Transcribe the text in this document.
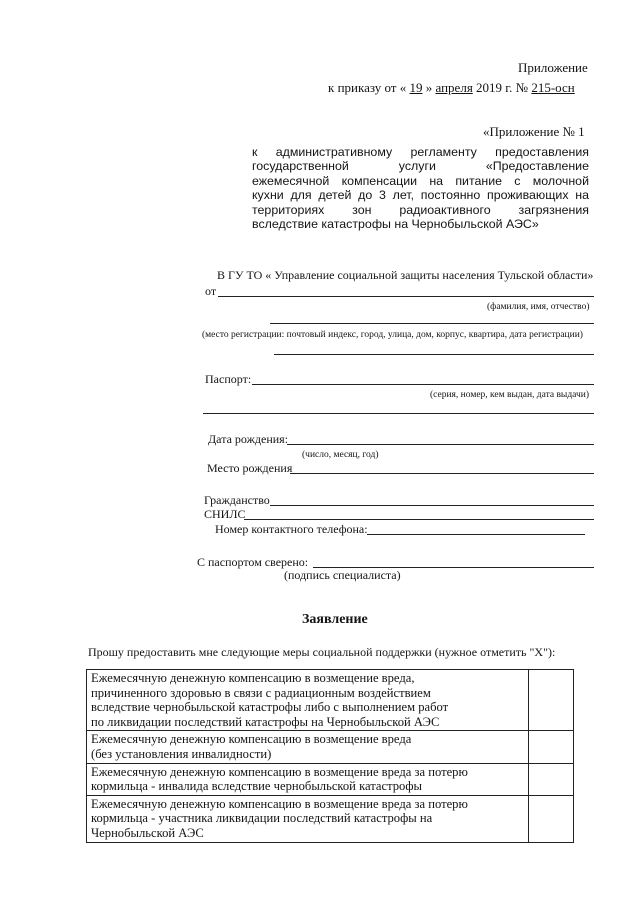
Приложение
к приказу от « 19 » апреля 2019 г. № 215-осн
«Приложение № 1
к административному регламенту предоставления
государственной услуги «Предоставление
ежемесячной компенсации на питание с молочной
кухни для детей до 3 лет, постоянно проживающих на
территориях зон радиоактивного загрязнения
вследствие катастрофы на Чернобыльской АЭС»
В ГУ ТО « Управление социальной защиты населения Тульской области»
от
(фамилия, имя, отчество)
(место регистрации: почтовый индекс, город, улица, дом, корпус, квартира, дата регистрации)
Паспорт:
(серия, номер, кем выдан, дата выдачи)
Дата рождения:
(число, месяц, год)
Место рождения
Гражданство
СНИЛС
Номер контактного телефона:
С паспортом сверено:
(подпись специалиста)
Заявление
Прошу предоставить мне следующие меры социальной поддержки (нужное отметить "X"):
Ежемесячную денежную компенсацию в возмещение вреда,
причиненного здоровью в связи с радиационным воздействием
вследствие чернобыльской катастрофы либо с выполнением работ
по ликвидации последствий катастрофы на Чернобыльской АЭС	

Ежемесячную денежную компенсацию в возмещение вреда
(без установления инвалидности)	

Ежемесячную денежную компенсацию в возмещение вреда за потерю
кормильца - инвалида вследствие чернобыльской катастрофы	

Ежемесячную денежную компенсацию в возмещение вреда за потерю
кормильца - участника ликвидации последствий катастрофы на
Чернобыльской АЭС	
